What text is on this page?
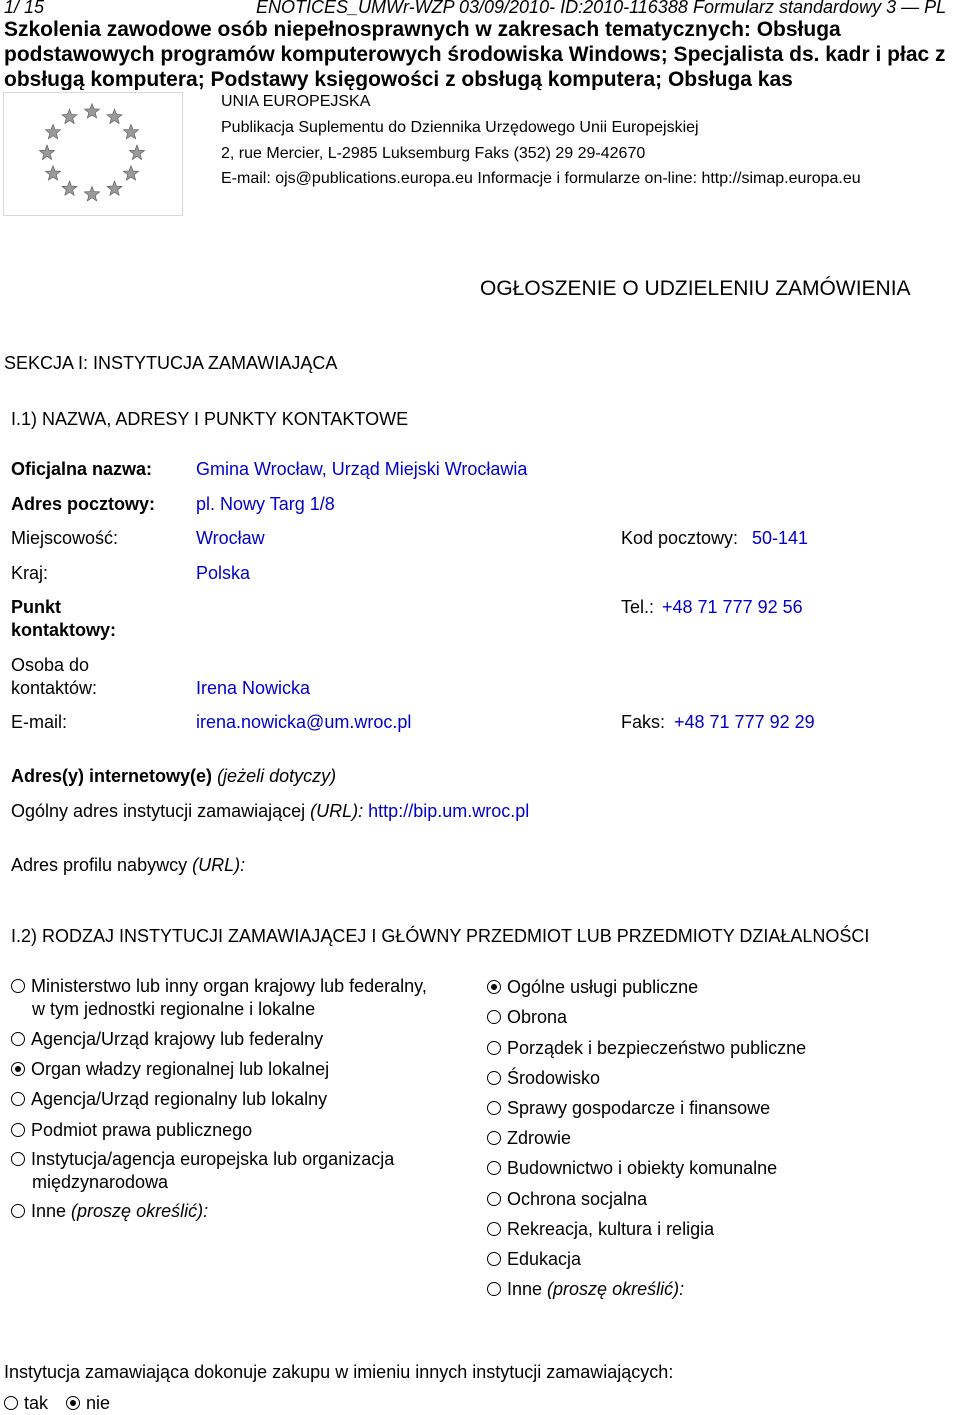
1/ 15	ENOTICES_UMWr-WZP 03/09/2010- ID:2010-116388 Formularz standardowy 3 — PL
Szkolenia zawodowe osób niepełnosprawnych w zakresach tematycznych: Obsługa podstawowych programów komputerowych środowiska Windows; Specjalista ds. kadr i płac z obsługą komputera; Podstawy księgowości z obsługą komputera; Obsługa kas
UNIA EUROPEJSKA
Publikacja Suplementu do Dziennika Urzędowego Unii Europejskiej
2, rue Mercier, L-2985 Luksemburg Faks (352) 29 29-42670
E-mail: ojs@publications.europa.eu Informacje i formularze on-line: http://simap.europa.eu
OGŁOSZENIE O UDZIELENIU ZAMÓWIENIA
SEKCJA I: INSTYTUCJA ZAMAWIAJĄCA
I.1) NAZWA, ADRESY I PUNKTY KONTAKTOWE
Oficjalna nazwa: Gmina Wrocław, Urząd Miejski Wrocławia
Adres pocztowy: pl. Nowy Targ 1/8
Miejscowość:	Wrocław	Kod pocztowy: 50-141
Kraj:	Polska
Punkt
kontaktowy:
Tel.: +48 71 777 92 56
Osoba do
kontaktów:	Irena Nowicka
E-mail:	irena.nowicka@um.wroc.pl	Faks: +48 71 777 92 29
Adres(y) internetowy(e) (jeżeli dotyczy)
Ogólny adres instytucji zamawiającej (URL): http://bip.um.wroc.pl
Adres profilu nabywcy (URL):
I.2) RODZAJ INSTYTUCJI ZAMAWIAJĄCEJ I GŁÓWNY PRZEDMIOT LUB PRZEDMIOTY DZIAŁALNOŚCI
Ministerstwo lub inny organ krajowy lub federalny,
w tym jednostki regionalne i lokalne
Agencja/Urząd krajowy lub federalny
Organ władzy regionalnej lub lokalnej
Agencja/Urząd regionalny lub lokalny
Podmiot prawa publicznego
Instytucja/agencja europejska lub organizacja
międzynarodowa
Inne (proszę określić):
Ogólne usługi publiczne
Obrona
Porządek i bezpieczeństwo publiczne
Środowisko
Sprawy gospodarcze i finansowe
Zdrowie
Budownictwo i obiekty komunalne
Ochrona socjalna
Rekreacja, kultura i religia
Edukacja
Inne (proszę określić):
Instytucja zamawiająca dokonuje zakupu w imieniu innych instytucji zamawiających:
tak	nie
